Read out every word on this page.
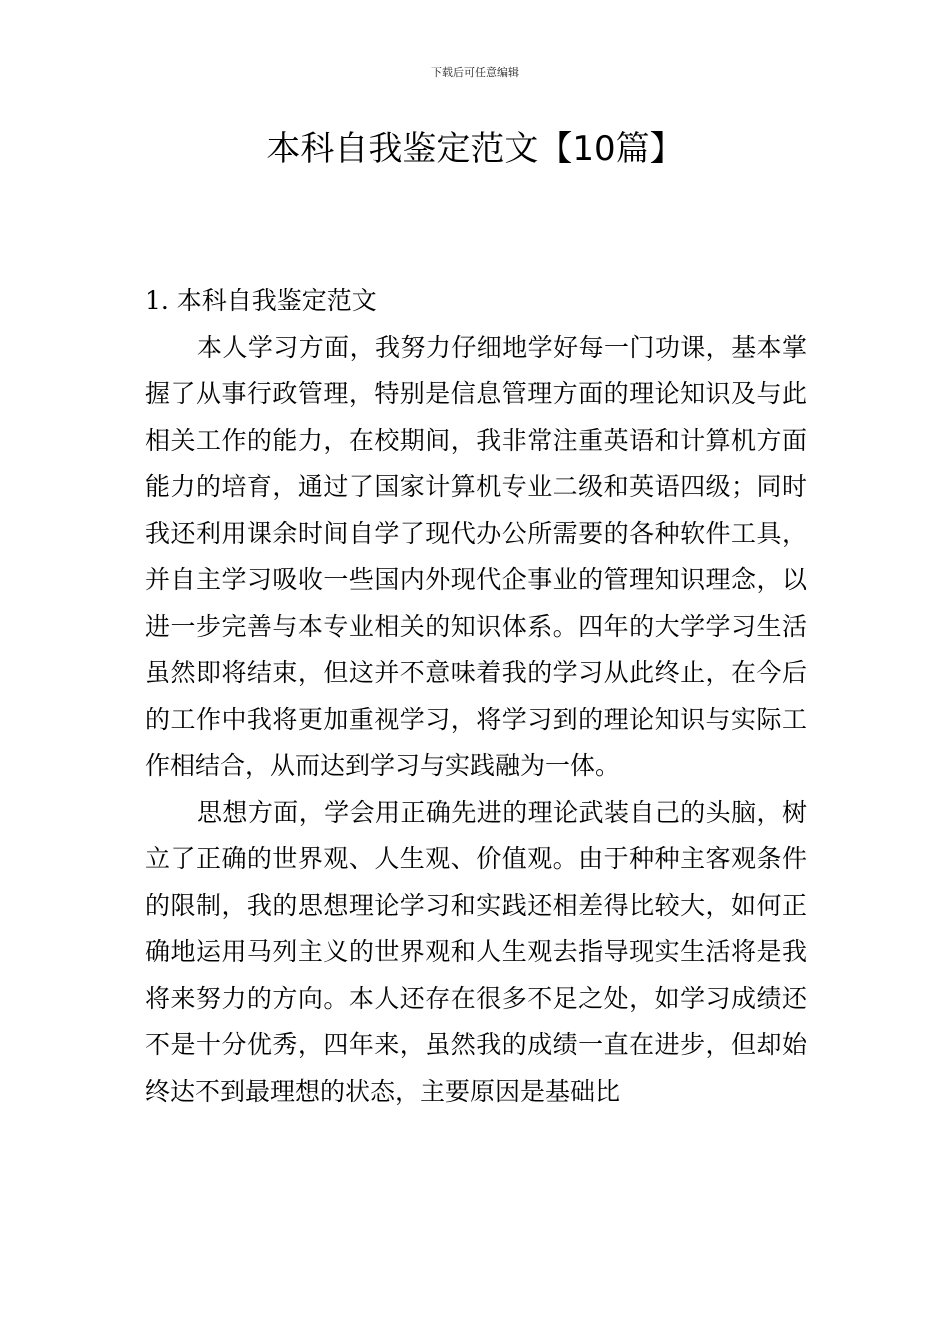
下载后可任意编辑
本科自我鉴定范文【10篇】
1. 本科自我鉴定范文

本人学习方面，我努力仔细地学好每一门功课，基本掌握了从事行政管理，特别是信息管理方面的理论知识及与此相关工作的能力，在校期间，我非常注重英语和计算机方面能力的培育，通过了国家计算机专业二级和英语四级；同时我还利用课余时间自学了现代办公所需要的各种软件工具，并自主学习吸收一些国内外现代企事业的管理知识理念，以进一步完善与本专业相关的知识体系。四年的大学学习生活虽然即将结束，但这并不意味着我的学习从此终止，在今后的工作中我将更加重视学习，将学习到的理论知识与实际工作相结合，从而达到学习与实践融为一体。

思想方面，学会用正确先进的理论武装自己的头脑，树立了正确的世界观、人生观、价值观。由于种种主客观条件的限制，我的思想理论学习和实践还相差得比较大，如何正确地运用马列主义的世界观和人生观去指导现实生活将是我将来努力的方向。本人还存在很多不足之处，如学习成绩还不是十分优秀，四年来，虽然我的成绩一直在进步，但却始终达不到最理想的状态，主要原因是基础比
